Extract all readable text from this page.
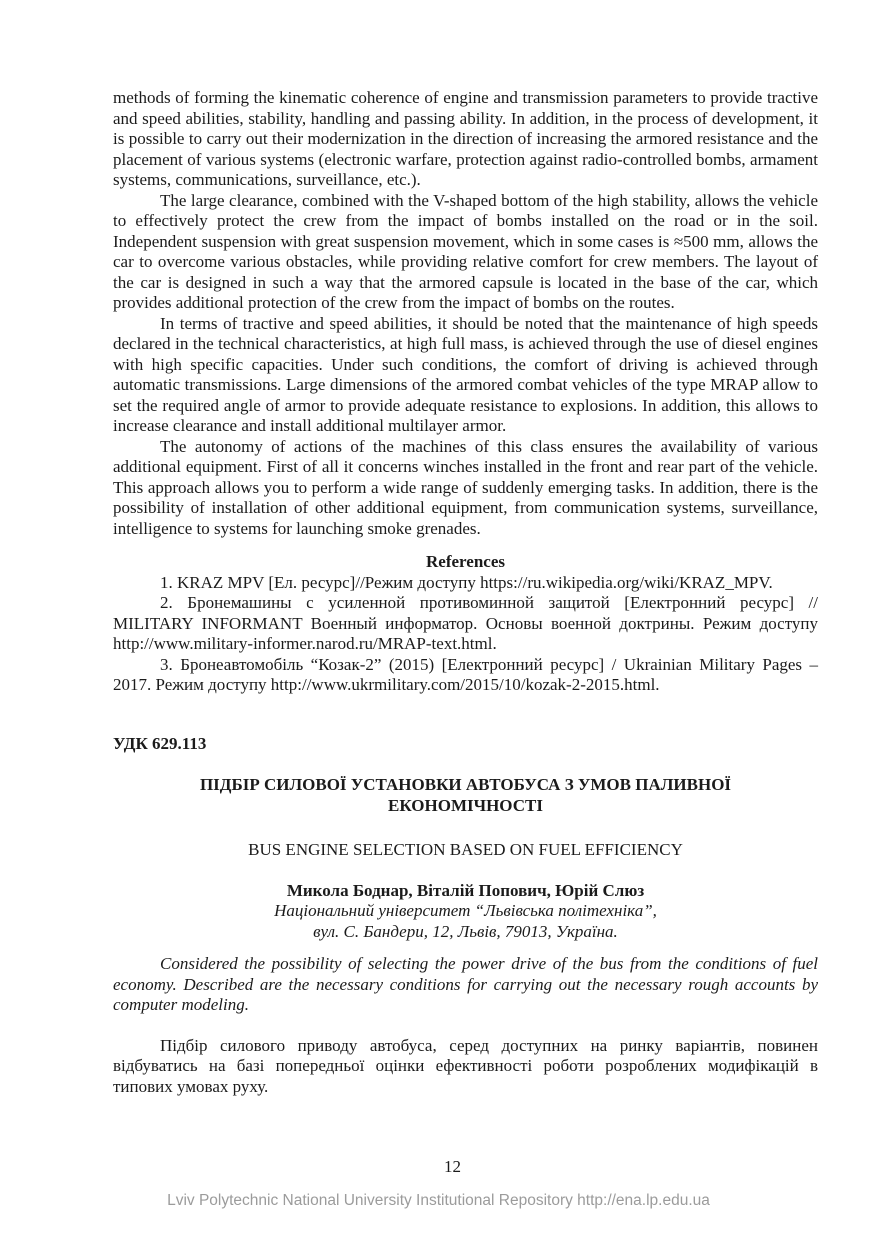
methods of forming the kinematic coherence of engine and transmission parameters to provide tractive and speed abilities, stability, handling and passing ability. In addition, in the process of development, it is possible to carry out their modernization in the direction of increasing the armored resistance and the placement of various systems (electronic warfare, protection against radio-controlled bombs, armament systems, communications, surveillance, etc.).

The large clearance, combined with the V-shaped bottom of the high stability, allows the vehicle to effectively protect the crew from the impact of bombs installed on the road or in the soil. Independent suspension with great suspension movement, which in some cases is ≈500 mm, allows the car to overcome various obstacles, while providing relative comfort for crew members. The layout of the car is designed in such a way that the armored capsule is located in the base of the car, which provides additional protection of the crew from the impact of bombs on the routes.

In terms of tractive and speed abilities, it should be noted that the maintenance of high speeds declared in the technical characteristics, at high full mass, is achieved through the use of diesel engines with high specific capacities. Under such conditions, the comfort of driving is achieved through automatic transmissions. Large dimensions of the armored combat vehicles of the type MRAP allow to set the required angle of armor to provide adequate resistance to explosions. In addition, this allows to increase clearance and install additional multilayer armor.

The autonomy of actions of the machines of this class ensures the availability of various additional equipment. First of all it concerns winches installed in the front and rear part of the vehicle. This approach allows you to perform a wide range of suddenly emerging tasks. In addition, there is the possibility of installation of other additional equipment, from communication systems, surveillance, intelligence to systems for launching smoke grenades.

References

1. KRAZ MPV [Ел. ресурс]//Режим доступу https://ru.wikipedia.org/wiki/KRAZ_MPV.

2. Бронемашины с усиленной противоминной защитой [Електронний ресурс] // MILITARY INFORMANT Военный информатор. Основы военной доктрины. Режим доступу http://www.military-informer.narod.ru/MRAP-text.html.

3. Бронеавтомобіль “Козак-2” (2015) [Електронний ресурс] / Ukrainian Military Pages – 2017. Режим доступу http://www.ukrmilitary.com/2015/10/kozak-2-2015.html.

УДК 629.113

ПІДБІР СИЛОВОЇ УСТАНОВКИ АВТОБУСА З УМОВ ПАЛИВНОЇ ЕКОНОМІЧНОСТІ

BUS ENGINE SELECTION BASED ON FUEL EFFICIENCY

Микола Боднар, Віталій Попович, Юрій Слюз

Національний університет “Львівська політехніка”,

вул. С. Бандери, 12, Львів, 79013, Україна.

Considered the possibility of selecting the power drive of the bus from the conditions of fuel economy. Described are the necessary conditions for carrying out the necessary rough accounts by computer modeling.

Підбір силового приводу автобуса, серед доступних на ринку варіантів, повинен відбуватись на базі попередньої оцінки ефективності роботи розроблених модифікацій в типових умовах руху.

12
Lviv Polytechnic National University Institutional Repository http://ena.lp.edu.ua
